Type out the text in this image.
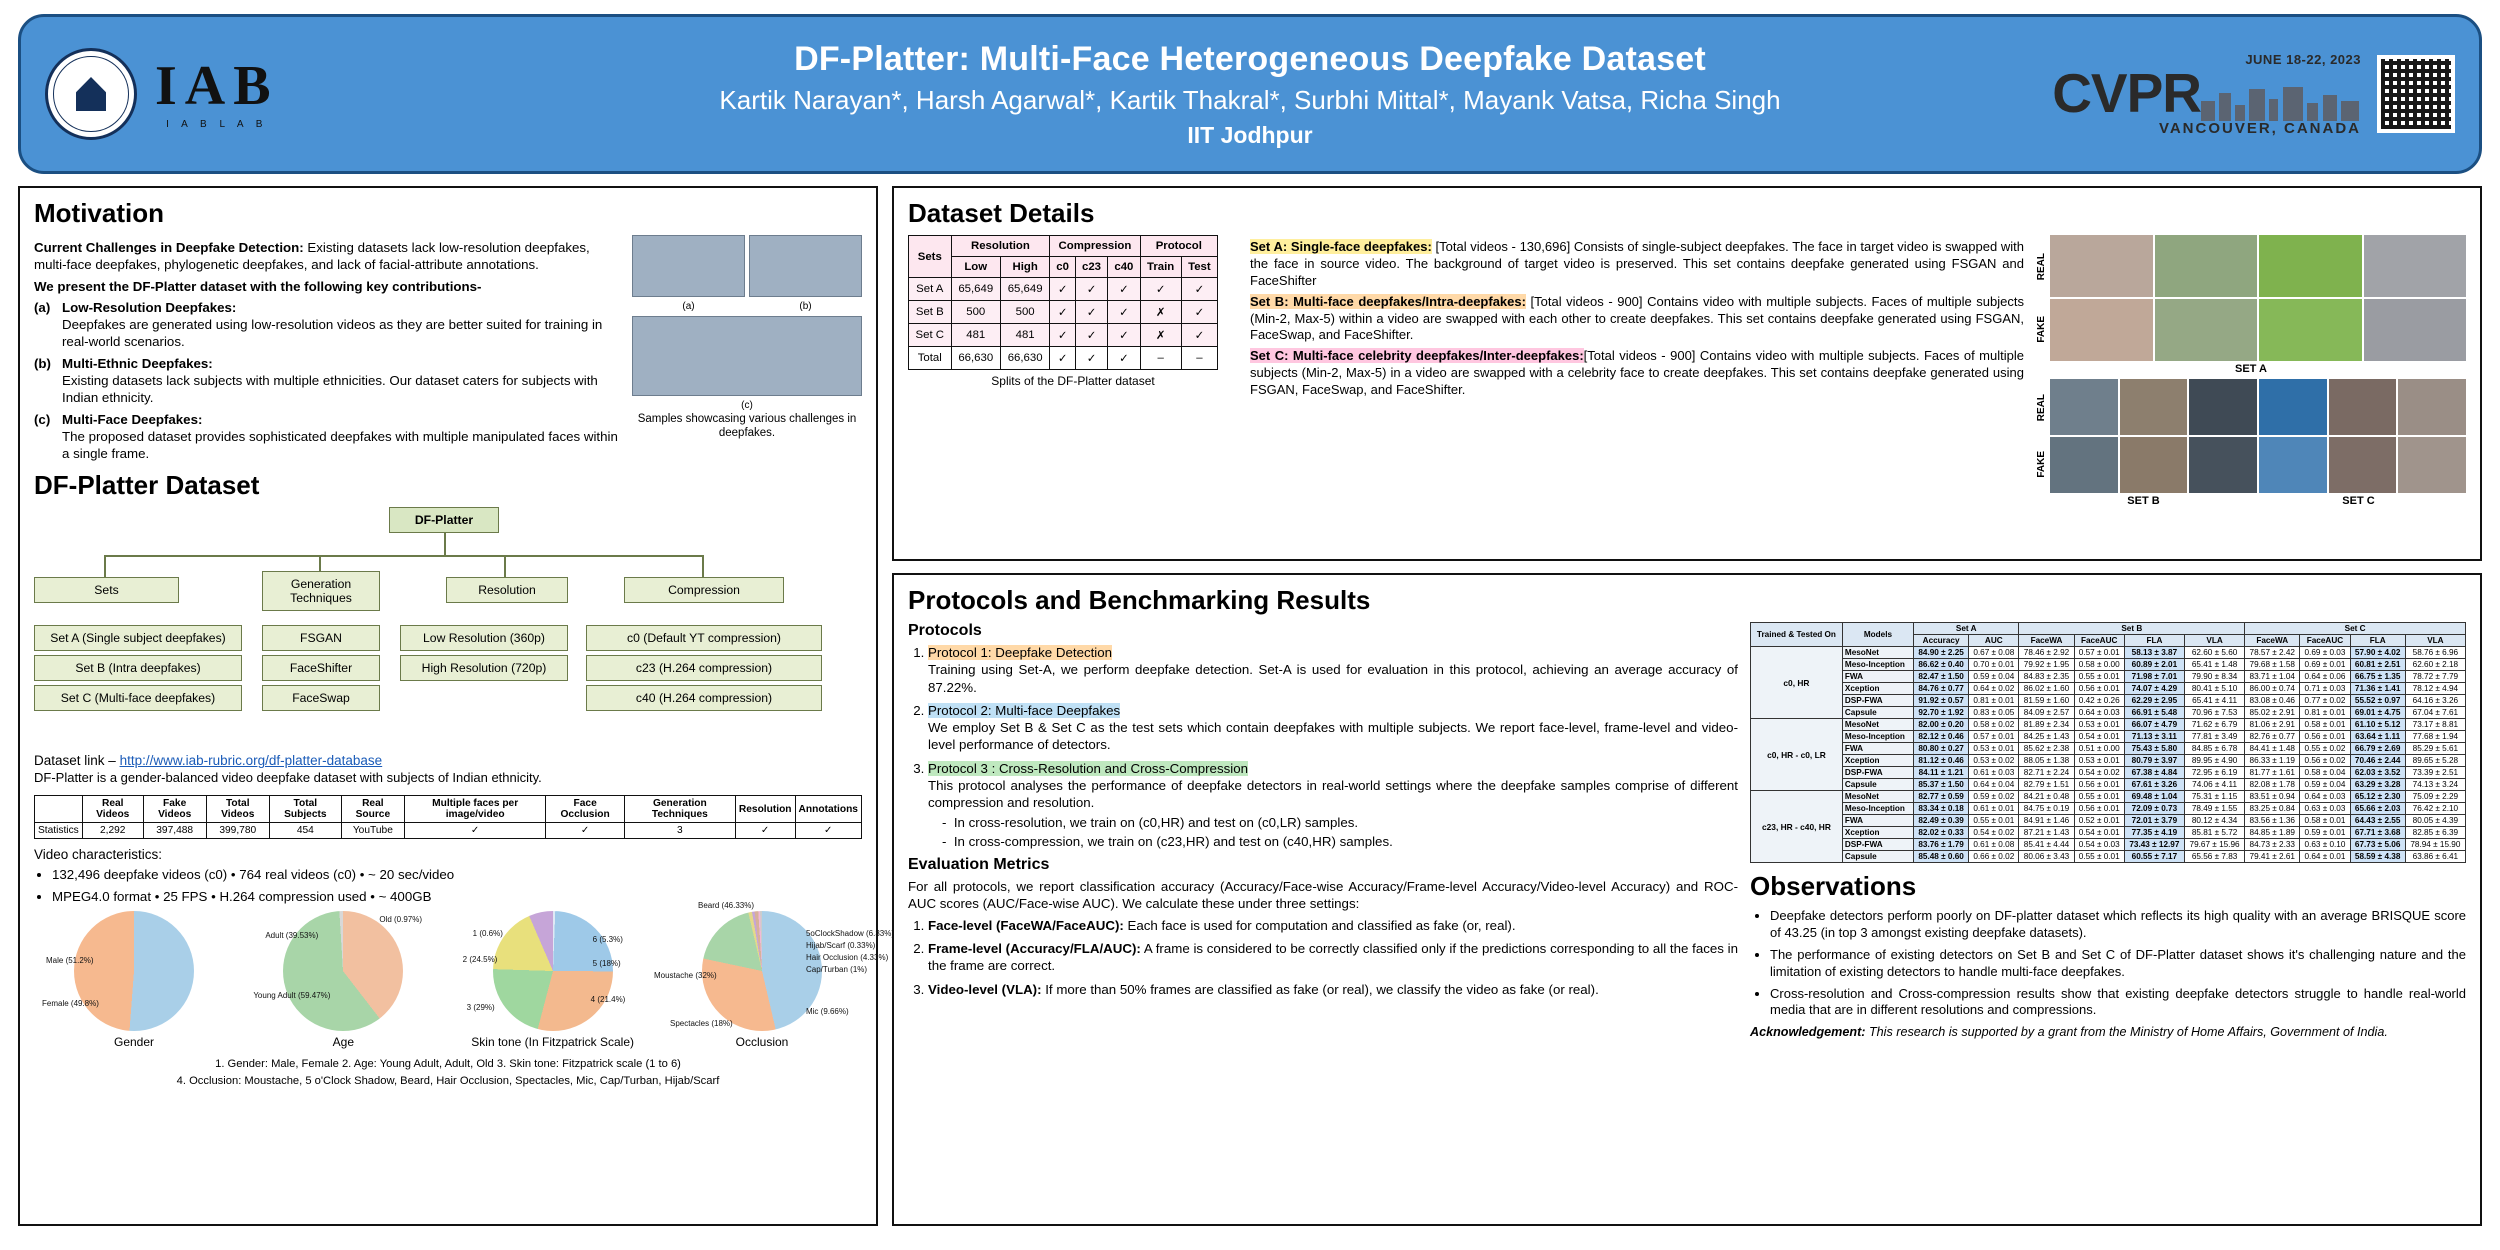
IAB
I A B L A B
DF-Platter: Multi-Face Heterogeneous Deepfake Dataset
Kartik Narayan*, Harsh Agarwal*, Kartik Thakral*, Surbhi Mittal*, Mayank Vatsa, Richa Singh
IIT Jodhpur
JUNE 18-22, 2023
CVPR
VANCOUVER, CANADA
Motivation

Current Challenges in Deepfake Detection: Existing datasets lack low-resolution deepfakes, multi-face deepfakes, phylogenetic deepfakes, and lack of facial-attribute annotations.

We present the DF-Platter dataset with the following key contributions-

(a) Low-Resolution Deepfakes:
Deepfakes are generated using low-resolution videos as they are better suited for training in real-world scenarios.
(b) Multi-Ethnic Deepfakes:
Existing datasets lack subjects with multiple ethnicities. Our dataset caters for subjects with Indian ethnicity.
(c) Multi-Face Deepfakes:
The proposed dataset provides sophisticated deepfakes with multiple manipulated faces within a single frame.
(a)	(b)
(c)
Samples showcasing various challenges in deepfakes.
DF-Platter Dataset
DF-Platter
Sets	Generation Techniques
Resolution	Compression
Set A (Single subject deepfakes)
Set B (Intra deepfakes)
Set C (Multi-face deepfakes)
FSGAN
FaceShifter
FaceSwap
Low Resolution (360p)
High Resolution (720p)
c0 (Default YT compression)
c23 (H.264 compression)
c40 (H.264 compression)
Dataset link – http://www.iab-rubric.org/df-platter-database

DF-Platter is a gender-balanced video deepfake dataset with subjects of Indian ethnicity.

	Real Videos	Fake Videos	Total Videos	Total Subjects	Real Source	Multiple faces per image/video	Face Occlusion	Generation Techniques	Resolution	Annotations
Statistics	2,292	397,488	399,780	454	YouTube	✓	✓	3	✓	✓
Video characteristics:
• 132,496 deepfake videos (c0) • 764 real videos (c0) • ~ 20 sec/video
• MPEG4.0 format • 25 FPS • H.264 compression used • ~ 400GB
Male (51.2%)
Female (49.8%)
Gender
Adult (39.53%)
Young Adult (59.47%)
Old (0.97%)
Age
1 (0.6%)
2 (24.5%)
3 (29%)
4 (21.4%)
5 (18%)
6 (5.3%)
Skin tone (In Fitzpatrick Scale)
Beard (46.33%)
Moustache (32%)
Spectacles (18%)
5oClockShadow (6.33%)
Hijab/Scarf (0.33%)
Hair Occlusion (4.33%)
Cap/Turban (1%)
Mic (9.66%)
Occlusion
1. Gender: Male, Female 2. Age: Young Adult, Adult, Old 3. Skin tone: Fitzpatrick scale (1 to 6)
4. Occlusion: Moustache, 5 o'Clock Shadow, Beard, Hair Occlusion, Spectacles, Mic, Cap/Turban, Hijab/Scarf
Dataset Details
Sets	Resolution		Compression			Protocol	
	Low	High	c0	c23	c40	Train	Test
Set A	65,649	65,649	✓	✓	✓	✓	✓
Set B	500	500	✓	✓	✓	✗	✓
Set C	481	481	✓	✓	✓	✗	✓
Total	66,630	66,630	✓	✓	✓	–	–
Splits of the DF-Platter dataset

Set A: Single-face deepfakes: [Total videos - 130,696] Consists of single-subject deepfakes. The face in target video is swapped with the face in source video. The background of target video is preserved. This set contains deepfake generated using FSGAN and FaceShifter

Set B: Multi-face deepfakes/Intra-deepfakes: [Total videos - 900] Contains video with multiple subjects. Faces of multiple subjects (Min-2, Max-5) within a video are swapped with each other to create deepfakes. This set contains deepfake generated using FSGAN, FaceSwap, and FaceShifter.

Set C: Multi-face celebrity deepfakes/Inter-deepfakes:[Total videos - 900] Contains video with multiple subjects. Faces of multiple subjects (Min-2, Max-5) in a video are swapped with a celebrity face to create deepfakes. This set contains deepfake generated using FSGAN, FaceSwap, and FaceShifter.

REAL
FAKE
SET A
REAL
FAKE
SET B	SET C
Protocols and Benchmarking Results
Protocols
1. Protocol 1: Deepfake Detection
Training using Set-A, we perform deepfake detection. Set-A is used for evaluation in this protocol, achieving an average accuracy of 87.22%.
2. Protocol 2: Multi-face Deepfakes
We employ Set B & Set C as the test sets which contain deepfakes with multiple subjects. We report face-level, frame-level and video-level performance of detectors.
3. Protocol 3 : Cross-Resolution and Cross-Compression
This protocol analyses the performance of deepfake detectors in real-world settings where the deepfake samples comprise of different compression and resolution.
-  In cross-resolution, we train on (c0,HR) and test on (c0,LR) samples.
-  In cross-compression, we train on (c23,HR) and test on (c40,HR) samples.
Evaluation Metrics

For all protocols, we report classification accuracy (Accuracy/Face-wise Accuracy/Frame-level Accuracy/Video-level Accuracy) and ROC-AUC scores (AUC/Face-wise AUC). We calculate these under three settings:

1. Face-level (FaceWA/FaceAUC): Each face is used for computation and classified as fake (or, real).
2. Frame-level (Accuracy/FLA/AUC): A frame is considered to be correctly classified only if the predictions corresponding to all the faces in the frame are correct.
3. Video-level (VLA): If more than 50% frames are classified as fake (or real), we classify the video as fake (or real).
Trained & Tested On	Models	Set A		Set B				Set C			
		Accuracy	AUC	FaceWA	FaceAUC	FLA	VLA	FaceWA	FaceAUC	FLA	VLA
c0, HR	MesoNet	84.90 ± 2.25	0.67 ± 0.08	78.46 ± 2.92	0.57 ± 0.01	58.13 ± 3.87	62.60 ± 5.60	78.57 ± 2.42	0.69 ± 0.03	57.90 ± 4.02	58.76 ± 6.96
	Meso-Inception	86.62 ± 0.40	0.70 ± 0.01	79.92 ± 1.95	0.58 ± 0.00	60.89 ± 2.01	65.41 ± 1.48	79.68 ± 1.58	0.69 ± 0.01	60.81 ± 2.51	62.60 ± 2.18
	FWA	82.47 ± 1.50	0.59 ± 0.04	84.83 ± 2.35	0.55 ± 0.01	71.98 ± 7.01	79.90 ± 8.34	83.71 ± 1.04	0.64 ± 0.06	66.75 ± 1.35	78.72 ± 7.79
	Xception	84.76 ± 0.77	0.64 ± 0.02	86.02 ± 1.60	0.56 ± 0.01	74.07 ± 4.29	80.41 ± 5.10	86.00 ± 0.74	0.71 ± 0.03	71.36 ± 1.41	78.12 ± 4.94
	DSP-FWA	91.92 ± 0.57	0.81 ± 0.01	81.59 ± 1.60	0.42 ± 0.26	62.29 ± 2.95	65.41 ± 4.11	83.08 ± 0.46	0.77 ± 0.02	55.52 ± 0.97	64.16 ± 3.26
	Capsule	92.70 ± 1.92	0.83 ± 0.05	84.09 ± 2.57	0.64 ± 0.03	66.91 ± 5.48	70.96 ± 7.53	85.02 ± 2.91	0.81 ± 0.01	69.01 ± 4.75	67.04 ± 7.61
c0, HR - c0, LR	MesoNet	82.00 ± 0.20	0.58 ± 0.02	81.89 ± 2.34	0.53 ± 0.01	66.07 ± 4.79	71.62 ± 6.79	81.06 ± 2.91	0.58 ± 0.01	61.10 ± 5.12	73.17 ± 8.81
	Meso-Inception	82.12 ± 0.46	0.57 ± 0.01	84.25 ± 1.43	0.54 ± 0.01	71.13 ± 3.11	77.81 ± 3.49	82.76 ± 0.77	0.56 ± 0.01	63.64 ± 1.11	77.68 ± 1.94
	FWA	80.80 ± 0.27	0.53 ± 0.01	85.62 ± 2.38	0.51 ± 0.00	75.43 ± 5.80	84.85 ± 6.78	84.41 ± 1.48	0.55 ± 0.02	66.79 ± 2.69	85.29 ± 5.61
	Xception	81.12 ± 0.46	0.53 ± 0.02	88.05 ± 1.38	0.53 ± 0.01	80.79 ± 3.97	89.95 ± 4.90	86.33 ± 1.19	0.56 ± 0.02	70.46 ± 2.44	89.65 ± 5.28
	DSP-FWA	84.11 ± 1.21	0.61 ± 0.03	82.71 ± 2.24	0.54 ± 0.02	67.38 ± 4.84	72.95 ± 6.19	81.77 ± 1.61	0.58 ± 0.04	62.03 ± 3.52	73.39 ± 2.51
	Capsule	85.37 ± 1.50	0.64 ± 0.04	82.79 ± 1.51	0.56 ± 0.01	67.61 ± 3.26	74.06 ± 4.11	82.08 ± 1.78	0.59 ± 0.04	63.29 ± 3.28	74.13 ± 3.24
c23, HR - c40, HR	MesoNet	82.77 ± 0.59	0.59 ± 0.02	84.21 ± 0.48	0.55 ± 0.01	69.48 ± 1.04	75.31 ± 1.15	83.51 ± 0.94	0.64 ± 0.03	65.12 ± 2.30	75.09 ± 2.29
	Meso-Inception	83.34 ± 0.18	0.61 ± 0.01	84.75 ± 0.19	0.56 ± 0.01	72.09 ± 0.73	78.49 ± 1.55	83.25 ± 0.84	0.63 ± 0.03	65.66 ± 2.03	76.42 ± 2.10
	FWA	82.49 ± 0.39	0.55 ± 0.01	84.91 ± 1.46	0.52 ± 0.01	72.01 ± 3.79	80.12 ± 4.34	83.56 ± 1.36	0.58 ± 0.01	64.43 ± 2.55	80.05 ± 4.39
	Xception	82.02 ± 0.33	0.54 ± 0.02	87.21 ± 1.43	0.54 ± 0.01	77.35 ± 4.19	85.81 ± 5.72	84.85 ± 1.89	0.59 ± 0.01	67.71 ± 3.68	82.85 ± 6.39
	DSP-FWA	83.76 ± 1.79	0.61 ± 0.08	85.41 ± 4.44	0.54 ± 0.03	73.43 ± 12.97	79.67 ± 15.96	84.73 ± 2.33	0.63 ± 0.10	67.73 ± 5.06	78.94 ± 15.90
	Capsule	85.48 ± 0.60	0.66 ± 0.02	80.06 ± 3.43	0.55 ± 0.01	60.55 ± 7.17	65.56 ± 7.83	79.41 ± 2.61	0.64 ± 0.01	58.59 ± 4.38	63.86 ± 6.41
Observations
• Deepfake detectors perform poorly on DF-platter dataset which reflects its high quality with an average BRISQUE score of 43.25 (in top 3 amongst existing deepfake datasets).
• The performance of existing detectors on Set B and Set C of DF-Platter dataset shows it's challenging nature and the limitation of existing detectors to handle multi-face deepfakes.
• Cross-resolution and Cross-compression results show that existing deepfake detectors struggle to handle real-world media that are in different resolutions and compressions.
Acknowledgement: This research is supported by a grant from the Ministry of Home Affairs, Government of India.
